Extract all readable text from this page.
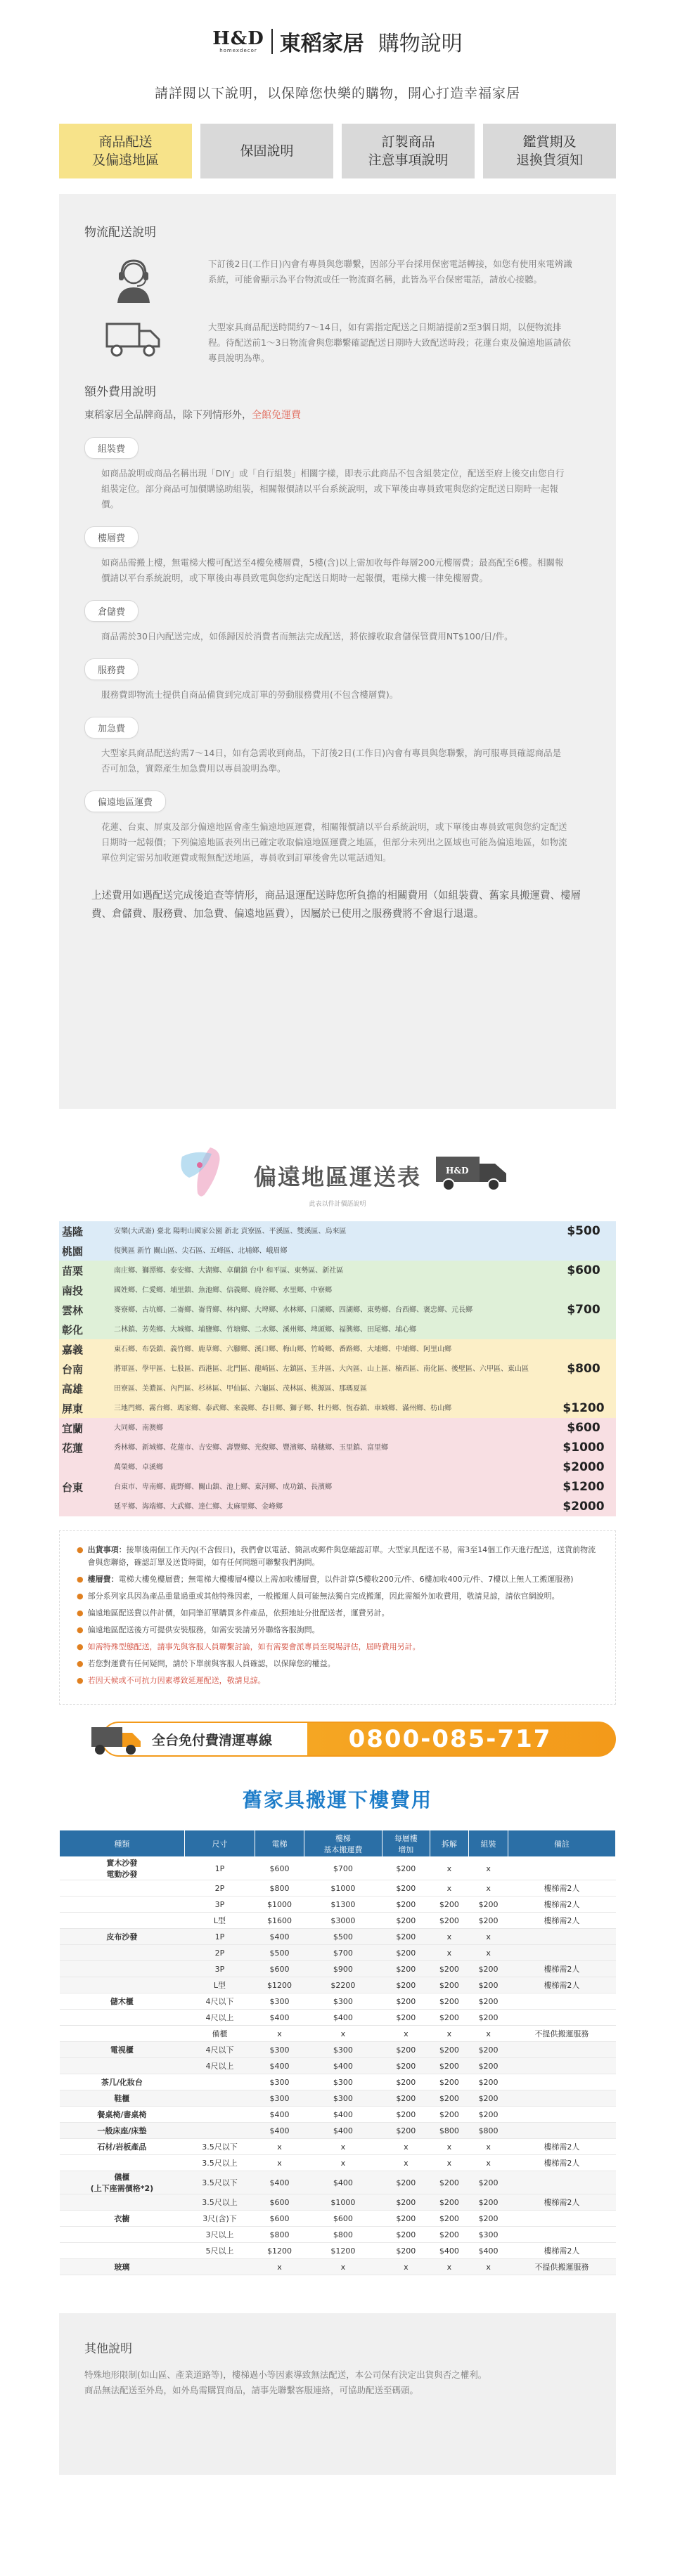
H&D
homexdecor 東稻家居 購物說明
請詳閱以下說明，以保障您快樂的購物，開心打造幸福家居
商品配送
及偏遠地區
保固說明
訂製商品
注意事項說明
鑑賞期及
退換貨須知
物流配送說明
下訂後2日(工作日)內會有專員與您聯繫，因部分平台採用保密電話轉接，如您有使用來電辨識系統，可能會顯示為平台物流或任一物流商名稱，此皆為平台保密電話，請放心接聽。
大型家具商品配送時間約7～14日，如有需指定配送之日期請提前2至3個日期，以便物流排程。待配送前1～3日物流會與您聯繫確認配送日期時大致配送時段；花蓮台東及偏遠地區請依專員說明為準。
額外費用說明
東稻家居全品牌商品，除下列情形外，全館免運費
組裝費
如商品說明或商品名稱出現「DIY」或「自行組裝」相關字樣，即表示此商品不包含組裝定位，配送至府上後交由您自行組裝定位。部分商品可加價購協助組裝，相關報價請以平台系統說明，或下單後由專員致電與您約定配送日期時一起報價。
樓層費
如商品需搬上樓，無電梯大樓可配送至4樓免樓層費，5樓(含)以上需加收每件每層200元樓層費；最高配至6樓。相關報價請以平台系統說明，或下單後由專員致電與您約定配送日期時一起報價，電梯大樓一律免樓層費。
倉儲費
商品需於30日內配送完成，如係歸因於消費者而無法完成配送，將依據收取倉儲保管費用NT$100/日/件。
服務費
服務費即物流士提供自商品備貨到完成訂單的勞動服務費用(不包含樓層費)。
加急費
大型家具商品配送約需7～14日，如有急需收到商品，下訂後2日(工作日)內會有專員與您聯繫，詢可服專員確認商品是否可加急，實際產生加急費用以專員說明為準。
偏遠地區運費
花蓮、台東、屏東及部分偏遠地區會產生偏遠地區運費，相關報價請以平台系統說明，或下單後由專員致電與您約定配送日期時一起報價；下列偏遠地區表列出已確定收取偏遠地區運費之地區，但部分未列出之區域也可能為偏遠地區，如物流單位判定需另加收運費或報無配送地區，專員收到訂單後會先以電話通知。
上述費用如遇配送完成後追查等情形，商品退運配送時您所負擔的相關費用（如組裝費、舊家具搬運費、樓層費、倉儲費、服務費、加急費、偏遠地區費），因屬於已使用之服務費將不會退行退還。
偏遠地區運送表
此表以件計價語說明
H&D
基隆	安樂(大武崙) 臺北 陽明山國家公園 新北 貢寮區、平溪區、雙溪區、烏來區	$500
桃園	復興區 新竹 關山區、尖石區、五峰區、北埔鄉、峨眉鄉	
苗栗	南庄鄉、獅潭鄉、泰安鄉、大湖鄉、卓蘭鎮 台中 和平區、東勢區、新社區	$600
南投	國姓鄉、仁愛鄉、埔里鎮、魚池鄉、信義鄉、鹿谷鄉、水里鄉、中寮鄉	
雲林	麥寮鄉、古坑鄉、二崙鄉、崙背鄉、林內鄉、大埤鄉、水林鄉、口湖鄉、四湖鄉、東勢鄉、台西鄉、褒忠鄉、元長鄉	$700
彰化	二林鎮、芳苑鄉、大城鄉、埔鹽鄉、竹塘鄉、二水鄉、溪州鄉、埤頭鄉、福興鄉、田尾鄉、埔心鄉	
嘉義	東石鄉、布袋鎮、義竹鄉、鹿草鄉、六腳鄉、溪口鄉、梅山鄉、竹崎鄉、番路鄉、大埔鄉、中埔鄉、阿里山鄉	
台南	將軍區、學甲區、七股區、西港區、北門區、龍崎區、左鎮區、玉井區、大內區、山上區、楠西區、南化區、後壁區、六甲區、東山區	$800
高雄	田寮區、美濃區、內門區、杉林區、甲仙區、六龜區、茂林區、桃源區、那瑪夏區	
屏東	三地門鄉、霧台鄉、瑪家鄉、泰武鄉、來義鄉、春日鄉、獅子鄉、牡丹鄉、恆春鎮、車城鄉、滿州鄉、枋山鄉	$1200
宜蘭	大同鄉、南澳鄉	$600
花蓮	秀林鄉、新城鄉、花蓮市、吉安鄉、壽豐鄉、光復鄉、豐濱鄉、瑞穗鄉、玉里鎮、富里鄉	$1000
	萬榮鄉、卓溪鄉	$2000
台東	台東市、卑南鄉、鹿野鄉、關山鎮、池上鄉、東河鄉、成功鎮、長濱鄉	$1200
	延平鄉、海端鄉、大武鄉、達仁鄉、太麻里鄉、金峰鄉	$2000
● 出貨事項：接單後兩個工作天內(不含假日)，我們會以電話、簡訊或郵件與您確認訂單。大型家具配送不易，需3至14個工作天進行配送，送貨前物流會與您聯絡，確認訂單及送貨時間，如有任何問題可聯繫我們詢問。
● 樓層費：電梯大樓免樓層費；無電梯大樓樓層4樓以上需加收樓層費，以件計算(5樓收200元/件、6樓加收400元/件、7樓以上無人工搬運服務)
● 部分系列家具因為產品重量過重或其他特殊因素，一般搬運人員可能無法獨自完成搬運，因此需額外加收費用，敬請見諒，請依官網說明。
● 偏遠地區配送費以件計價，如同筆訂單購買多件產品，依照地址分批配送者，運費另計。
● 偏遠地區配送後方可提供安裝服務，如需安裝請另外聯絡客服詢問。
● 如需特殊型態配送，請事先與客服人員聯繫討論，如有需要會派專員至現場評估，屆時費用另計。
● 若您對運費有任何疑問，請於下單前與客服人員確認，以保障您的權益。
● 若因天候或不可抗力因素導致延遲配送，敬請見諒。
全台免付費清運專線	0800-085-717
舊家具搬運下樓費用
種類	尺寸	電梯	樓梯
基本搬運費	每層樓
增加	拆解	組裝	備註
實木沙發
電動沙發	1P	$600	$700	$200	x	x	
	2P	$800	$1000	$200	x	x	樓梯需2人
	3P	$1000	$1300	$200	$200	$200	樓梯需2人
	L型	$1600	$3000	$200	$200	$200	樓梯需2人
皮布沙發	1P	$400	$500	$200	x	x	
	2P	$500	$700	$200	x	x	
	3P	$600	$900	$200	$200	$200	樓梯需2人
	L型	$1200	$2200	$200	$200	$200	樓梯需2人
儲木櫃	4尺以下	$300	$300	$200	$200	$200	
	4尺以上	$400	$400	$200	$200	$200	
	備櫃	x	x	x	x	x	不提供搬運服務
電視櫃	4尺以下	$300	$300	$200	$200	$200	
	4尺以上	$400	$400	$200	$200	$200	
茶几/化妝台		$300	$300	$200	$200	$200	
鞋櫃		$300	$300	$200	$200	$200	
餐桌椅/書桌椅		$400	$400	$200	$200	$200	
一般床座/床墊		$400	$400	$200	$800	$800	
石材/岩板產品	3.5尺以下	x	x	x	x	x	樓梯需2人
	3.5尺以上	x	x	x	x	x	樓梯需2人
儀櫃
(上下座需價格*2)	3.5尺以下	$400	$400	$200	$200	$200	
	3.5尺以上	$600	$1000	$200	$200	$200	樓梯需2人
衣櫥	3尺(含)下	$600	$600	$200	$200	$200	
	3尺以上	$800	$800	$200	$200	$300	
	5尺以上	$1200	$1200	$200	$400	$400	樓梯需2人
玻璃		x	x	x	x	x	不提供搬運服務
其他說明
特殊地形限制(如山區、產業道路等)，樓梯過小等因素導致無法配送，本公司保有決定出貨與否之權利。
商品無法配送至外島，如外島需購買商品，請事先聯繫客服連絡，可協助配送至碼頭。
